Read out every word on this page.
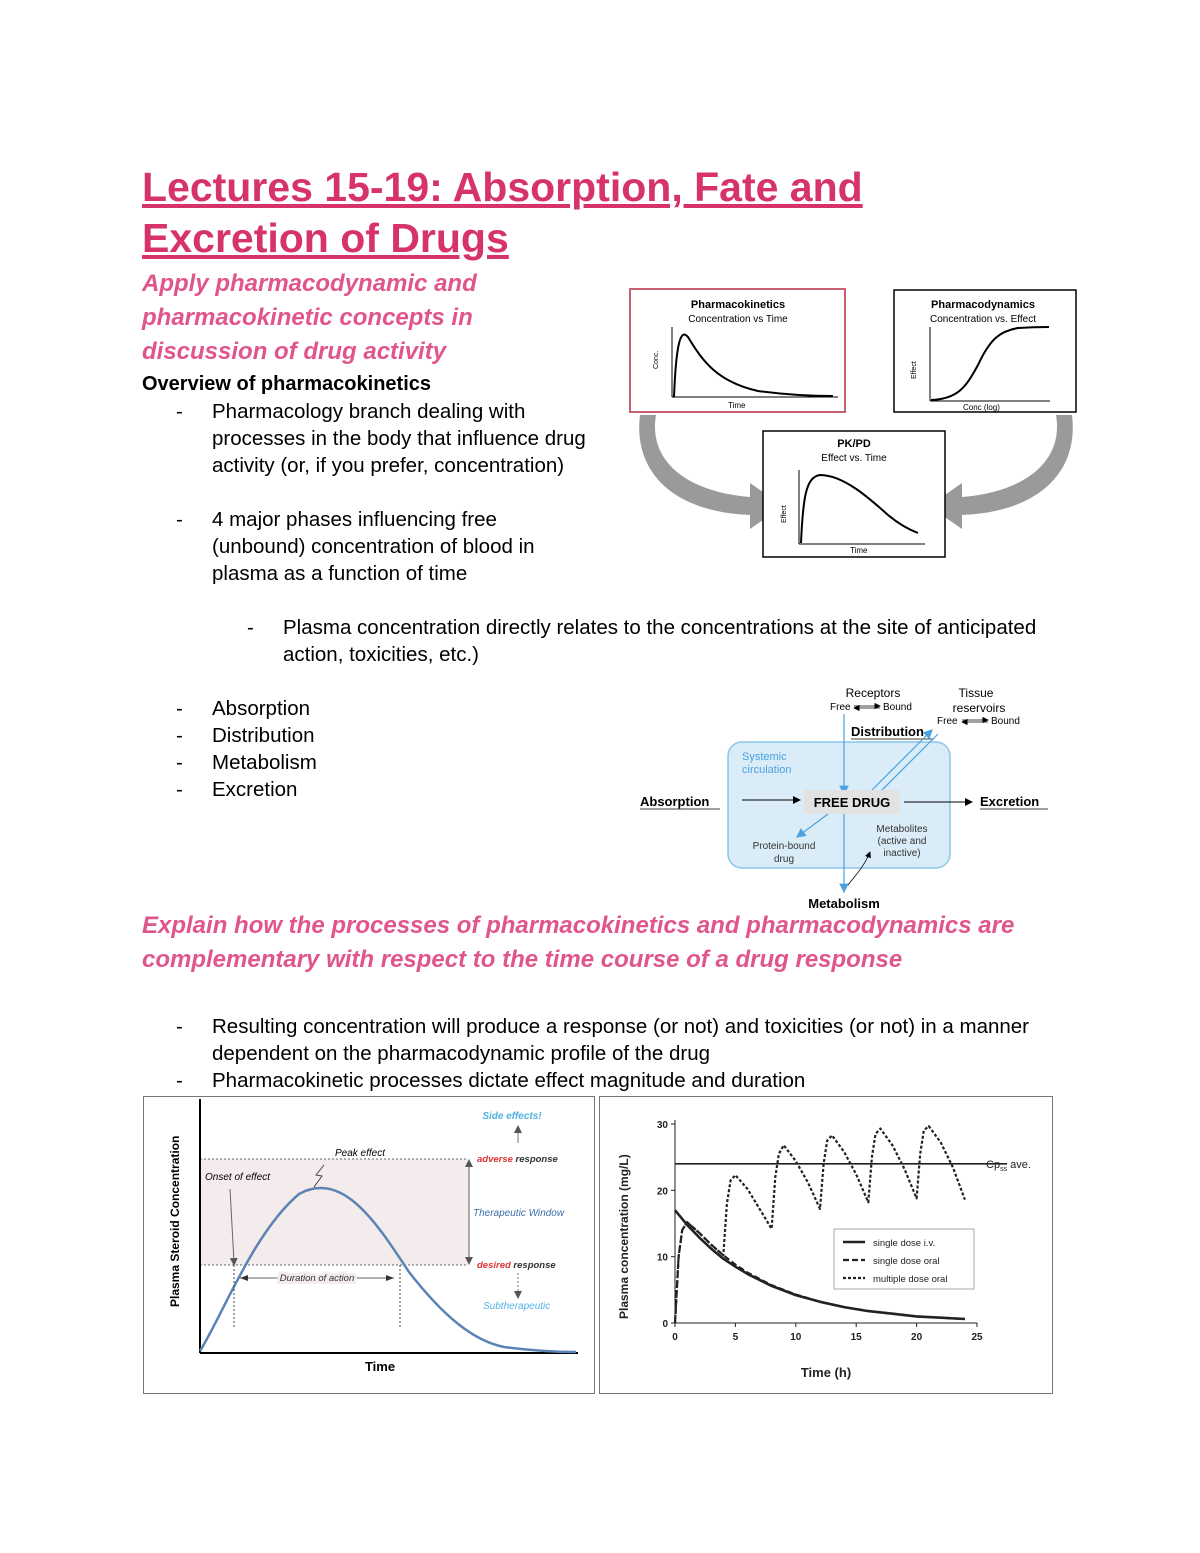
Lectures 15-19: Absorption, Fate and Excretion of Drugs

Apply pharmacodynamic and pharmacokinetic concepts in discussion of drug activity

Overview of pharmacokinetics

- Pharmacology branch dealing with processes in the body that influence drug activity (or, if you prefer, concentration)
- 4 major phases influencing free (unbound) concentration of blood in plasma as a function of time
- Plasma concentration directly relates to the concentrations at the site of anticipated action, toxicities, etc.)
- Absorption
- Distribution
- Metabolism
- Excretion
Pharmacokinetics
Concentration vs Time
Time
Conc.
Pharmacodynamics
Concentration vs. Effect
Conc (log)
Effect
PK/PD
Effect vs. Time
Time
Effect
Receptors
Free	Bound
Tissue
reservoirs
Free	Bound
Distribution
Systemic
circulation
Absorption	FREE DRUG	Excretion
Protein-bound
drug
Metabolites
(active and
inactive)
Metabolism

Explain how the processes of pharmacokinetics and pharmacodynamics are complementary with respect to the time course of a drug response

- Resulting concentration will produce a response (or not) and toxicities (or not) in a manner dependent on the pharmacodynamic profile of the drug
- Pharmacokinetic processes dictate effect magnitude and duration
Plasma Steroid Concentration
Time
Side effects!
Peak effect
adverse response
Onset of effect
Therapeutic Window
desired response
Duration of action
Subtherapeutic
0	5	10	15	20	25
0
10
20
30
$Cp_{ss}$ ave.
single dose i.v.
single dose oral
multiple dose oral
Time (h)
Plasma concentration (mg/L)
